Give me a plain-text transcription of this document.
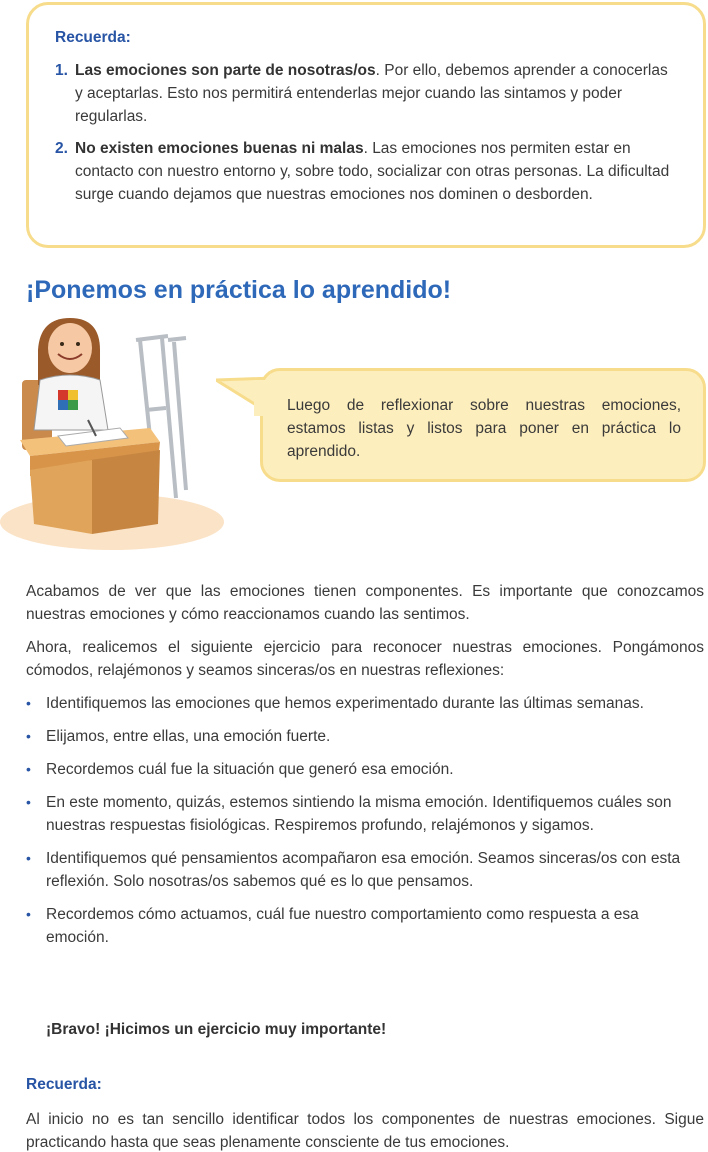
Recuerda:
1. Las emociones son parte de nosotras/os. Por ello, debemos aprender a conocerlas y aceptarlas. Esto nos permitirá entenderlas mejor cuando las sintamos y poder regularlas.
2. No existen emociones buenas ni malas. Las emociones nos permiten estar en contacto con nuestro entorno y, sobre todo, socializar con otras personas. La dificultad surge cuando dejamos que nuestras emociones nos dominen o desborden.
¡Ponemos en práctica lo aprendido!
Luego de reflexionar sobre nuestras emociones, estamos listas y listos para poner en práctica lo aprendido.

Acabamos de ver que las emociones tienen componentes. Es importante que conozcamos nuestras emociones y cómo reaccionamos cuando las sentimos.

Ahora, realicemos el siguiente ejercicio para reconocer nuestras emociones. Pongámonos cómodos, relajémonos y seamos sinceras/os en nuestras reflexiones:

• Identifiquemos las emociones que hemos experimentado durante las últimas semanas.
• Elijamos, entre ellas, una emoción fuerte.
• Recordemos cuál fue la situación que generó esa emoción.
• En este momento, quizás, estemos sintiendo la misma emoción. Identifiquemos cuáles son nuestras respuestas fisiológicas. Respiremos profundo, relajémonos y sigamos.
• Identifiquemos qué pensamientos acompañaron esa emoción. Seamos sinceras/os con esta reflexión. Solo nosotras/os sabemos qué es lo que pensamos.
• Recordemos cómo actuamos, cuál fue nuestro comportamiento como respuesta a esa emoción.
¡Bravo! ¡Hicimos un ejercicio muy importante!
Recuerda:

Al inicio no es tan sencillo identificar todos los componentes de nuestras emociones. Sigue practicando hasta que seas plenamente consciente de tus emociones.
